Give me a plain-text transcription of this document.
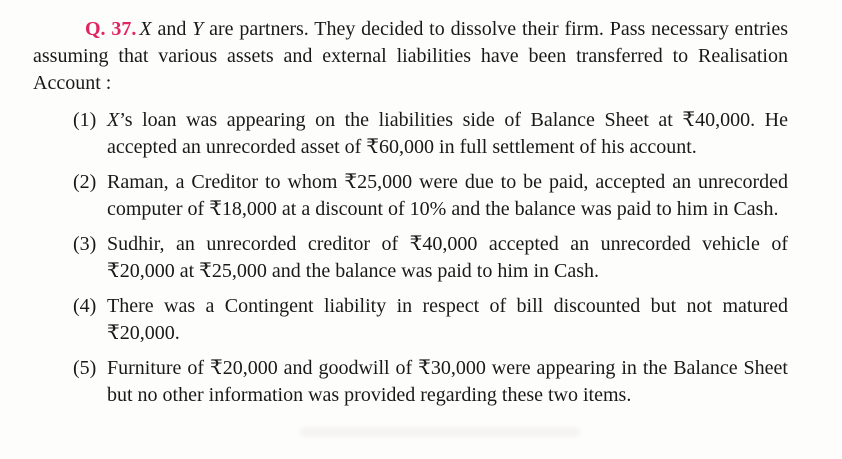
Q. 37. X and Y are partners. They decided to dissolve their firm. Pass necessary entries assuming that various assets and external liabilities have been transferred to Realisation Account :

(1) X’s loan was appearing on the liabilities side of Balance Sheet at ₹40,000. He accepted an unrecorded asset of ₹60,000 in full settlement of his account.
(2) Raman, a Creditor to whom ₹25,000 were due to be paid, accepted an unrecorded computer of ₹18,000 at a discount of 10% and the balance was paid to him in Cash.
(3) Sudhir, an unrecorded creditor of ₹40,000 accepted an unrecorded vehicle of ₹20,000 at ₹25,000 and the balance was paid to him in Cash.
(4) There was a Contingent liability in respect of bill discounted but not matured ₹20,000.
(5) Furniture of ₹20,000 and goodwill of ₹30,000 were appearing in the Balance Sheet but no other information was provided regarding these two items.
